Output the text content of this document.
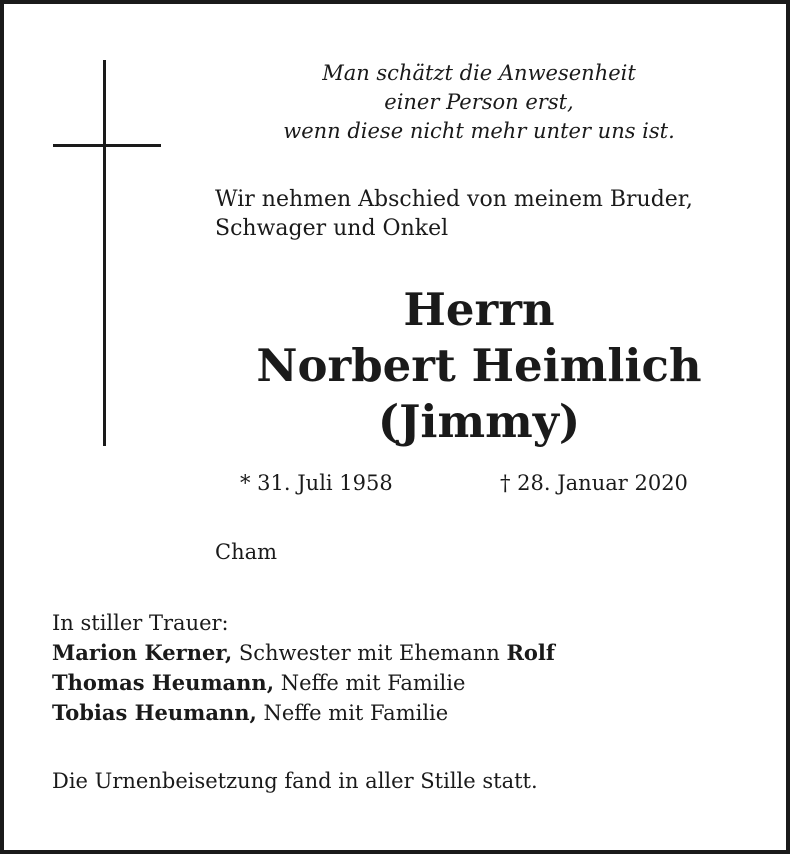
Man schätzt die Anwesenheit
einer Person erst,
wenn diese nicht mehr unter uns ist.

Wir nehmen Abschied von meinem Bruder,
Schwager und Onkel

Herrn
Norbert Heimlich
(Jimmy)

* 31. Juli 1958	† 28. Januar 2020

Cham

In stiller Trauer:
Marion Kerner, Schwester mit Ehemann Rolf
Thomas Heumann, Neffe mit Familie
Tobias Heumann, Neffe mit Familie

Die Urnenbeisetzung fand in aller Stille statt.
